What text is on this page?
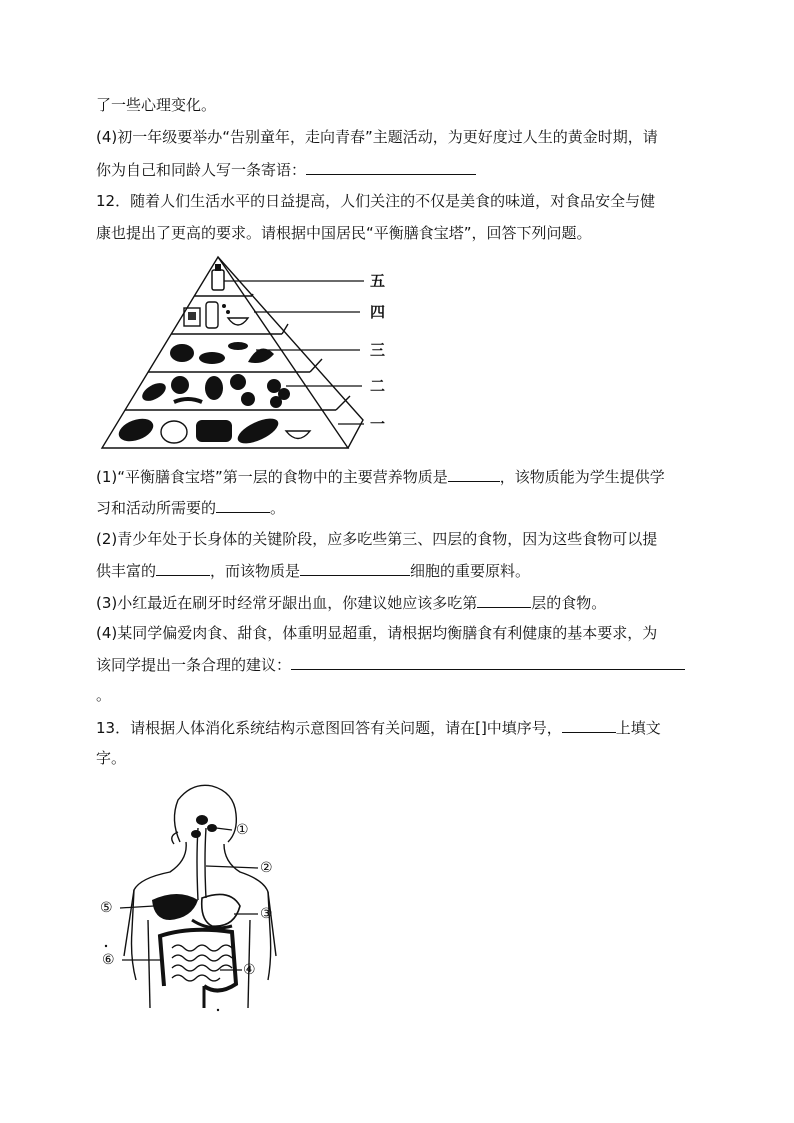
了一些心理变化。
(4)初一年级要举办“告别童年，走向青春”主题活动，为更好度过人生的黄金时期，请
你为自己和同龄人写一条寄语：
12．随着人们生活水平的日益提高，人们关注的不仅是美食的味道，对食品安全与健
康也提出了更高的要求。请根据中国居民“平衡膳食宝塔”，回答下列问题。
五
四
三
二
一
(1)“平衡膳食宝塔”第一层的食物中的主要营养物质是	，该物质能为学生提供学
习和活动所需要的	。
(2)青少年处于长身体的关键阶段，应多吃些第三、四层的食物，因为这些食物可以提
供丰富的	，而该物质是	细胞的重要原料。
(3)小红最近在刷牙时经常牙龈出血，你建议她应该多吃第	层的食物。
(4)某同学偏爱肉食、甜食，体重明显超重，请根据均衡膳食有利健康的基本要求，为
该同学提出一条合理的建议：
。
13．请根据人体消化系统结构示意图回答有关问题，请在[]中填序号，	上填文
字。
①
②
③
④
⑤
⑥
